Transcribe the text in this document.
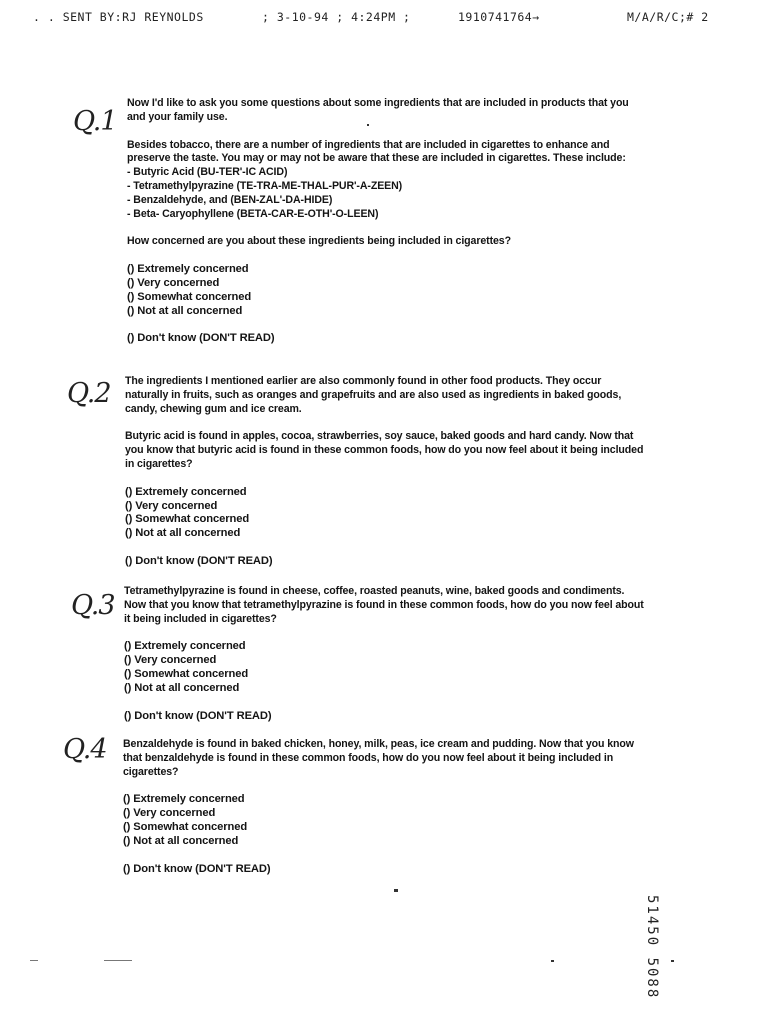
. . SENT BY:RJ REYNOLDS	; 3-10-94 ; 4:24PM ;	1910741764→	M/A/R/C;# 2
Q.1
Q.2
Q.3
Q.4

Now I'd like to ask you some questions about some ingredients that are included in products that you and your family use.

Besides tobacco, there are a number of ingredients that are included in cigarettes to enhance and preserve the taste. You may or may not be aware that these are included in cigarettes. These include:

- Butyric Acid (BU-TER'-IC ACID)
- Tetramethylpyrazine (TE-TRA-ME-THAL-PUR'-A-ZEEN)
- Benzaldehyde, and (BEN-ZAL'-DA-HIDE)
- Beta- Caryophyllene (BETA-CAR-E-OTH'-O-LEEN)

How concerned are you about these ingredients being included in cigarettes?

() Extremely concerned
() Very concerned
() Somewhat concerned
() Not at all concerned

() Don't know (DON'T READ)

The ingredients I mentioned earlier are also commonly found in other food products. They occur naturally in fruits, such as oranges and grapefruits and are also used as ingredients in baked goods, candy, chewing gum and ice cream.

Butyric acid is found in apples, cocoa, strawberries, soy sauce, baked goods and hard candy. Now that you know that butyric acid is found in these common foods, how do you now feel about it being included in cigarettes?

() Extremely concerned
() Very concerned
() Somewhat concerned
() Not at all concerned

() Don't know (DON'T READ)

Tetramethylpyrazine is found in cheese, coffee, roasted peanuts, wine, baked goods and condiments. Now that you know that tetramethylpyrazine is found in these common foods, how do you now feel about it being included in cigarettes?

() Extremely concerned
() Very concerned
() Somewhat concerned
() Not at all concerned

() Don't know (DON'T READ)

Benzaldehyde is found in baked chicken, honey, milk, peas, ice cream and pudding. Now that you know that benzaldehyde is found in these common foods, how do you now feel about it being included in cigarettes?

() Extremely concerned
() Very concerned
() Somewhat concerned
() Not at all concerned

() Don't know (DON'T READ)

51450 5088
